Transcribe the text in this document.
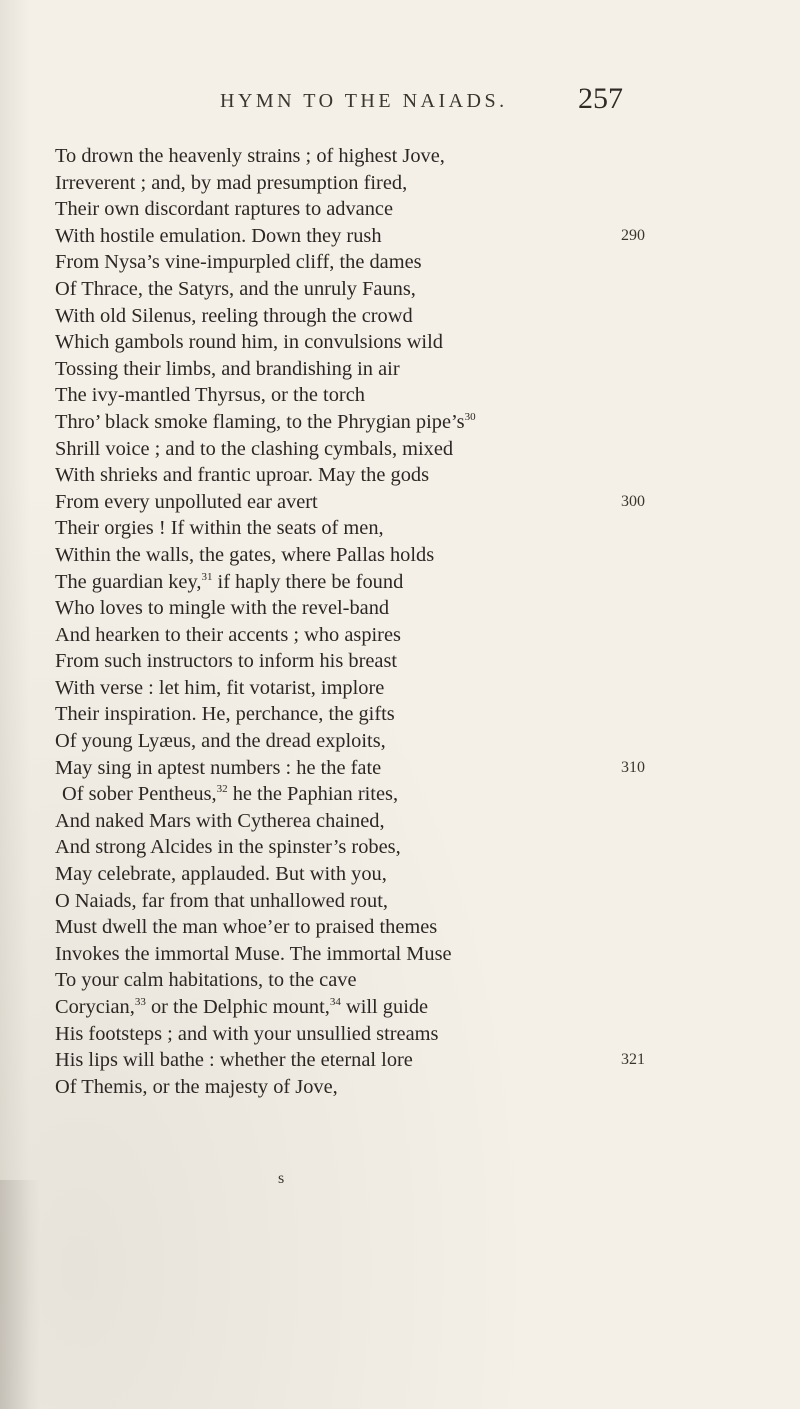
HYMN TO THE NAIADS. 257
To drown the heavenly strains ; of highest Jove,
Irreverent ; and, by mad presumption fired,
Their own discordant raptures to advance
With hostile emulation. Down they rush	290
From Nysa’s vine-impurpled cliff, the dames
Of Thrace, the Satyrs, and the unruly Fauns,
With old Silenus, reeling through the crowd
Which gambols round him, in convulsions wild
Tossing their limbs, and brandishing in air
The ivy-mantled Thyrsus, or the torch
Thro’ black smoke flaming, to the Phrygian $pipe’s^{30}$
Shrill voice ; and to the clashing cymbals, mixed
With shrieks and frantic uproar. May the gods
From every unpolluted ear avert	300
Their orgies ! If within the seats of men,
Within the walls, the gates, where Pallas holds
The guardian key,$^{31}$ if haply there be found
Who loves to mingle with the revel-band
And hearken to their accents ; who aspires
From such instructors to inform his breast
With verse : let him, fit votarist, implore
Their inspiration. He, perchance, the gifts
Of young Lyæus, and the dread exploits,
May sing in aptest numbers : he the fate	310
Of sober Pentheus,$^{32}$ he the Paphian rites,
And naked Mars with Cytherea chained,
And strong Alcides in the spinster’s robes,
May celebrate, applauded. But with you,
O Naiads, far from that unhallowed rout,
Must dwell the man whoe’er to praised themes
Invokes the immortal Muse. The immortal Muse
To your calm habitations, to the cave
Corycian,$^{33}$ or the Delphic mount,$^{34}$ will guide
His footsteps ; and with your unsullied streams
His lips will bathe : whether the eternal lore	321
Of Themis, or the majesty of Jove,
s
